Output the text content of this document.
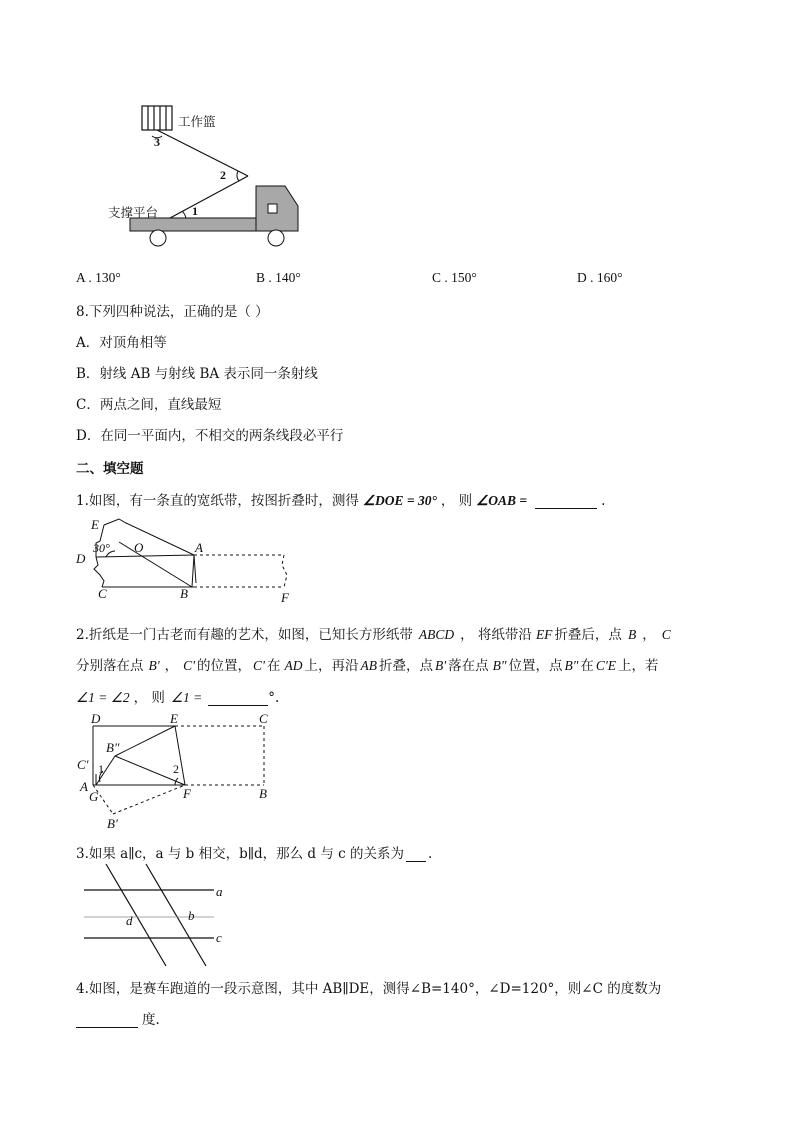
工作篮
支撑平台
3
2
1
A . 130°	B . 140°	C . 150°	D . 160°
8.下列四种说法，正确的是（ ）
A．对顶角相等
B．射线 AB 与射线 BA 表示同一条射线
C．两点之间，直线最短
D．在同一平面内，不相交的两条线段必平行
二、填空题
1.如图，有一条直的宽纸带，按图折叠时，测得 ∠DOE = 30° ， 则 ∠OAB =	.
E
30° O	A
D
C	B	F
2.折纸是一门古老而有趣的艺术，如图，已知长方形纸带 ABCD ， 将纸带沿 EF 折叠后，点 B ， C
分别落在点 B' ， C' 的位置， C' 在 AD 上，再沿 AB 折叠，点 B' 落在点 B″ 位置，点 B″ 在 C'E 上，若
∠1 = ∠2 ， 则 ∠1 =	°.
D	E	C
B″
C′ 1	2
A
G	F	B
B′
3.如果 a∥c，a 与 b 相交，b∥d，那么 d 与 c 的关系为 .
a
b
d
c
4.如图，是赛车跑道的一段示意图，其中 AB∥DE，测得∠B=140°，∠D=120°，则∠C 的度数为
度.
